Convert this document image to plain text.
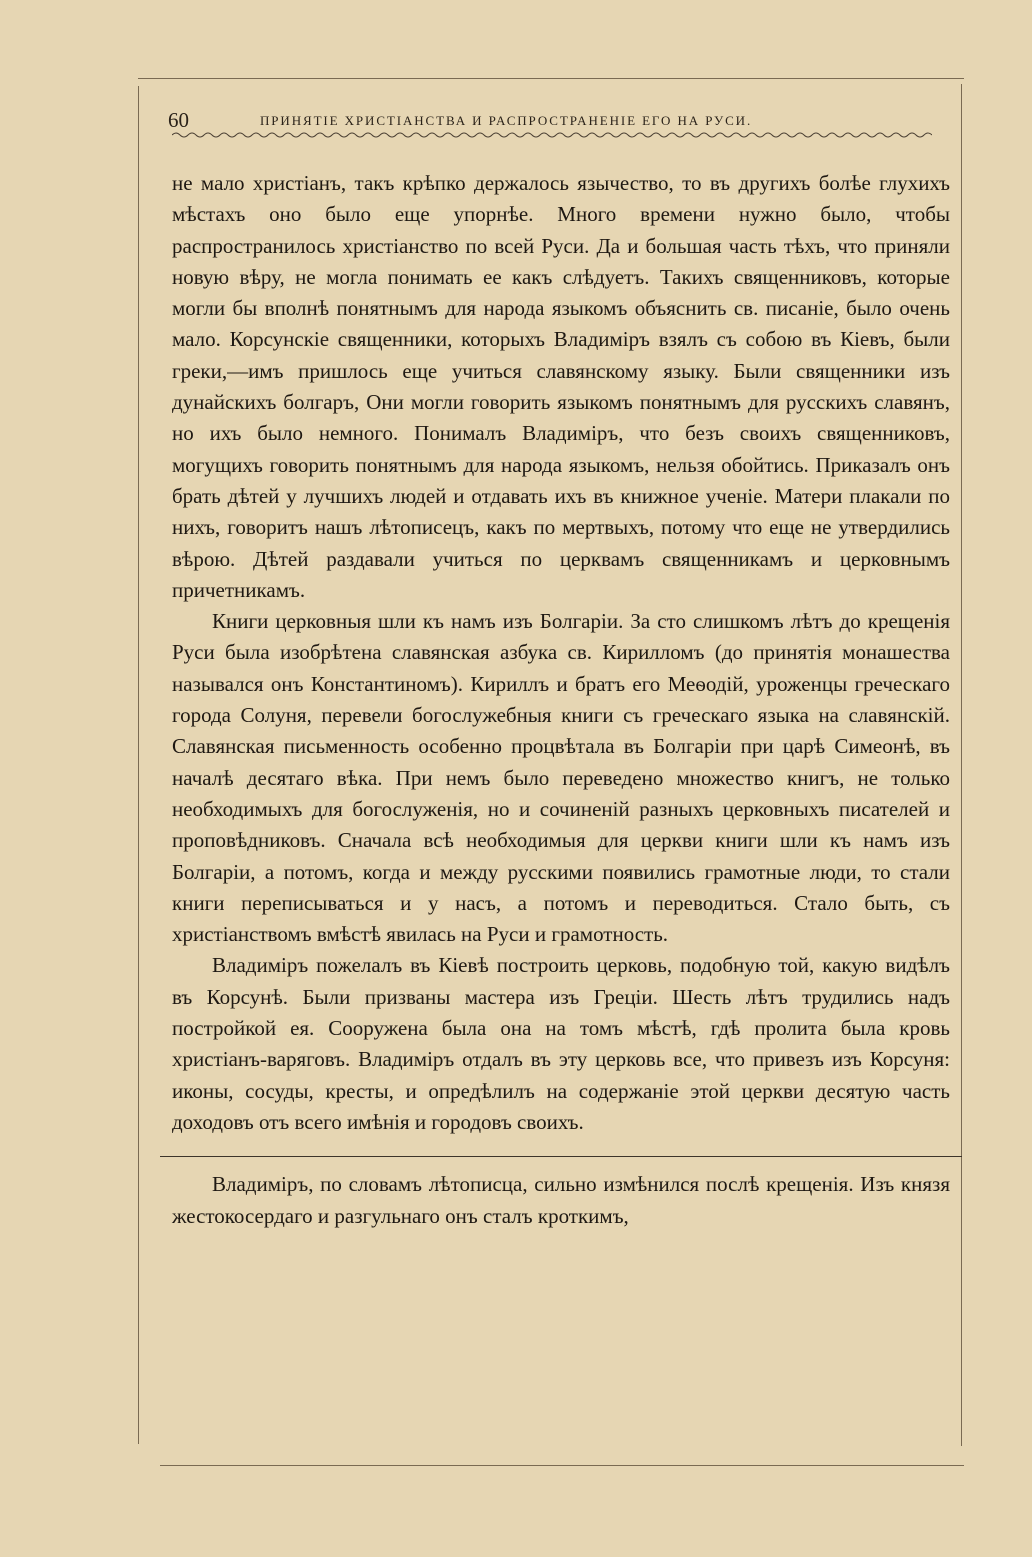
60	ПРИНЯТІЕ ХРИСТІАНСТВА И РАСПРОСТРАНЕНІЕ ЕГО НА РУСИ.

не мало христіанъ, такъ крѣпко держалось язычество, то въ другихъ болѣе глухихъ мѣстахъ оно было еще упорнѣе. Много времени нужно было, чтобы распространилось христіанство по всей Руси. Да и большая часть тѣхъ, что приняли новую вѣру, не могла понимать ее какъ слѣдуетъ. Такихъ священниковъ, которые могли бы вполнѣ понятнымъ для народа языкомъ объяснить св. писаніе, было очень мало. Корсунскіе священники, которыхъ Владиміръ взялъ съ собою въ Кіевъ, были греки,—имъ пришлось еще учиться славянскому языку. Были священники изъ дунайскихъ болгаръ, Они могли говорить языкомъ понятнымъ для русскихъ славянъ, но ихъ было немного. Понималъ Владиміръ, что безъ своихъ священниковъ, могущихъ говорить понятнымъ для народа языкомъ, нельзя обойтись. Приказалъ онъ брать дѣтей у лучшихъ людей и отдавать ихъ въ книжное ученіе. Матери плакали по нихъ, говоритъ нашъ лѣтописецъ, какъ по мертвыхъ, потому что еще не утвердились вѣрою. Дѣтей раздавали учиться по церквамъ священникамъ и церковнымъ причетникамъ.

Книги церковныя шли къ намъ изъ Болгаріи. За сто слишкомъ лѣтъ до крещенія Руси была изобрѣтена славянская азбука св. Кирилломъ (до принятія монашества назывался онъ Константиномъ). Кириллъ и братъ его Меѳодій, уроженцы греческаго города Солуня, перевели богослужебныя книги съ греческаго языка на славянскій. Славянская письменность особенно процвѣтала въ Болгаріи при царѣ Симеонѣ, въ началѣ десятаго вѣка. При немъ было переведено множество книгъ, не только необходимыхъ для богослуженія, но и сочиненій разныхъ церковныхъ писателей и проповѣдниковъ. Сначала всѣ необходимыя для церкви книги шли къ намъ изъ Болгаріи, а потомъ, когда и между русскими появились грамотные люди, то стали книги переписываться и у насъ, а потомъ и переводиться. Стало быть, съ христіанствомъ вмѣстѣ явилась на Руси и грамотность.

Владиміръ пожелалъ въ Кіевѣ построить церковь, подобную той, какую видѣлъ въ Корсунѣ. Были призваны мастера изъ Греціи. Шесть лѣтъ трудились надъ постройкой ея. Сооружена была она на томъ мѣстѣ, гдѣ пролита была кровь христіанъ-варяговъ. Владиміръ отдалъ въ эту церковь все, что привезъ изъ Корсуня: иконы, сосуды, кресты, и опредѣлилъ на содержаніе этой церкви десятую часть доходовъ отъ всего имѣнія и городовъ своихъ.

Владиміръ, по словамъ лѣтописца, сильно измѣнился послѣ крещенія. Изъ князя жестокосердаго и разгульнаго онъ сталъ кроткимъ,
